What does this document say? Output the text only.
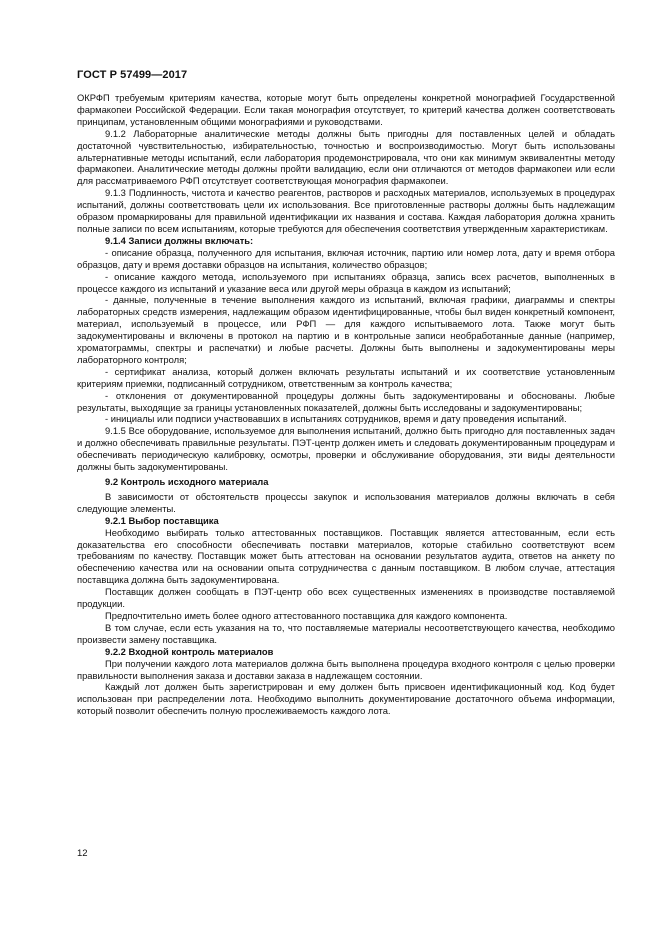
ГОСТ Р 57499—2017

ОКРФП требуемым критериям качества, которые могут быть определены конкретной монографией Государственной фармакопеи Российской Федерации. Если такая монография отсутствует, то критерий качества должен соответствовать принципам, установленным общими монографиями и руководствами.

9.1.2 Лабораторные аналитические методы должны быть пригодны для поставленных целей и обладать достаточной чувствительностью, избирательностью, точностью и воспроизводимостью. Могут быть использованы альтернативные методы испытаний, если лаборатория продемонстрировала, что они как минимум эквивалентны методу фармакопеи. Аналитические методы должны пройти валидацию, если они отличаются от методов фармакопеи или если для рассматриваемого РФП отсутствует соответствующая монография фармакопеи.

9.1.3 Подлинность, чистота и качество реагентов, растворов и расходных материалов, используемых в процедурах испытаний, должны соответствовать цели их использования. Все приготовленные растворы должны быть надлежащим образом промаркированы для правильной идентификации их названия и состава. Каждая лаборатория должна хранить полные записи по всем испытаниям, которые требуются для обеспечения соответствия утвержденным характеристикам.

9.1.4 Записи должны включать:

- описание образца, полученного для испытания, включая источник, партию или номер лота, дату и время отбора образцов, дату и время доставки образцов на испытания, количество образцов;

- описание каждого метода, используемого при испытаниях образца, запись всех расчетов, выполненных в процессе каждого из испытаний и указание веса или другой меры образца в каждом из испытаний;

- данные, полученные в течение выполнения каждого из испытаний, включая графики, диаграммы и спектры лабораторных средств измерения, надлежащим образом идентифицированные, чтобы был виден конкретный компонент, материал, используемый в процессе, или РФП — для каждого испытываемого лота. Также могут быть задокументированы и включены в протокол на партию и в контрольные записи необработанные данные (например, хроматограммы, спектры и распечатки) и любые расчеты. Должны быть выполнены и задокументированы меры лабораторного контроля;

- сертификат анализа, который должен включать результаты испытаний и их соответствие установленным критериям приемки, подписанный сотрудником, ответственным за контроль качества;

- отклонения от документированной процедуры должны быть задокументированы и обоснованы. Любые результаты, выходящие за границы установленных показателей, должны быть исследованы и задокументированы;

- инициалы или подписи участвовавших в испытаниях сотрудников, время и дату проведения испытаний.

9.1.5 Все оборудование, используемое для выполнения испытаний, должно быть пригодно для поставленных задач и должно обеспечивать правильные результаты. ПЭТ-центр должен иметь и следовать документированным процедурам и обеспечивать периодическую калибровку, осмотры, проверки и обслуживание оборудования, эти виды деятельности должны быть задокументированы.

9.2 Контроль исходного материала

В зависимости от обстоятельств процессы закупок и использования материалов должны включать в себя следующие элементы.

9.2.1 Выбор поставщика

Необходимо выбирать только аттестованных поставщиков. Поставщик является аттестованным, если есть доказательства его способности обеспечивать поставки материалов, которые стабильно соответствуют всем требованиям по качеству. Поставщик может быть аттестован на основании результатов аудита, ответов на анкету по обеспечению качества или на основании опыта сотрудничества с данным поставщиком. В любом случае, аттестация поставщика должна быть задокументирована.

Поставщик должен сообщать в ПЭТ-центр обо всех существенных изменениях в производстве поставляемой продукции.

Предпочтительно иметь более одного аттестованного поставщика для каждого компонента.

В том случае, если есть указания на то, что поставляемые материалы несоответствующего качества, необходимо произвести замену поставщика.

9.2.2 Входной контроль материалов

При получении каждого лота материалов должна быть выполнена процедура входного контроля с целью проверки правильности выполнения заказа и доставки заказа в надлежащем состоянии.

Каждый лот должен быть зарегистрирован и ему должен быть присвоен идентификационный код. Код будет использован при распределении лота. Необходимо выполнить документирование достаточного объема информации, который позволит обеспечить полную прослеживаемость каждого лота.

12
